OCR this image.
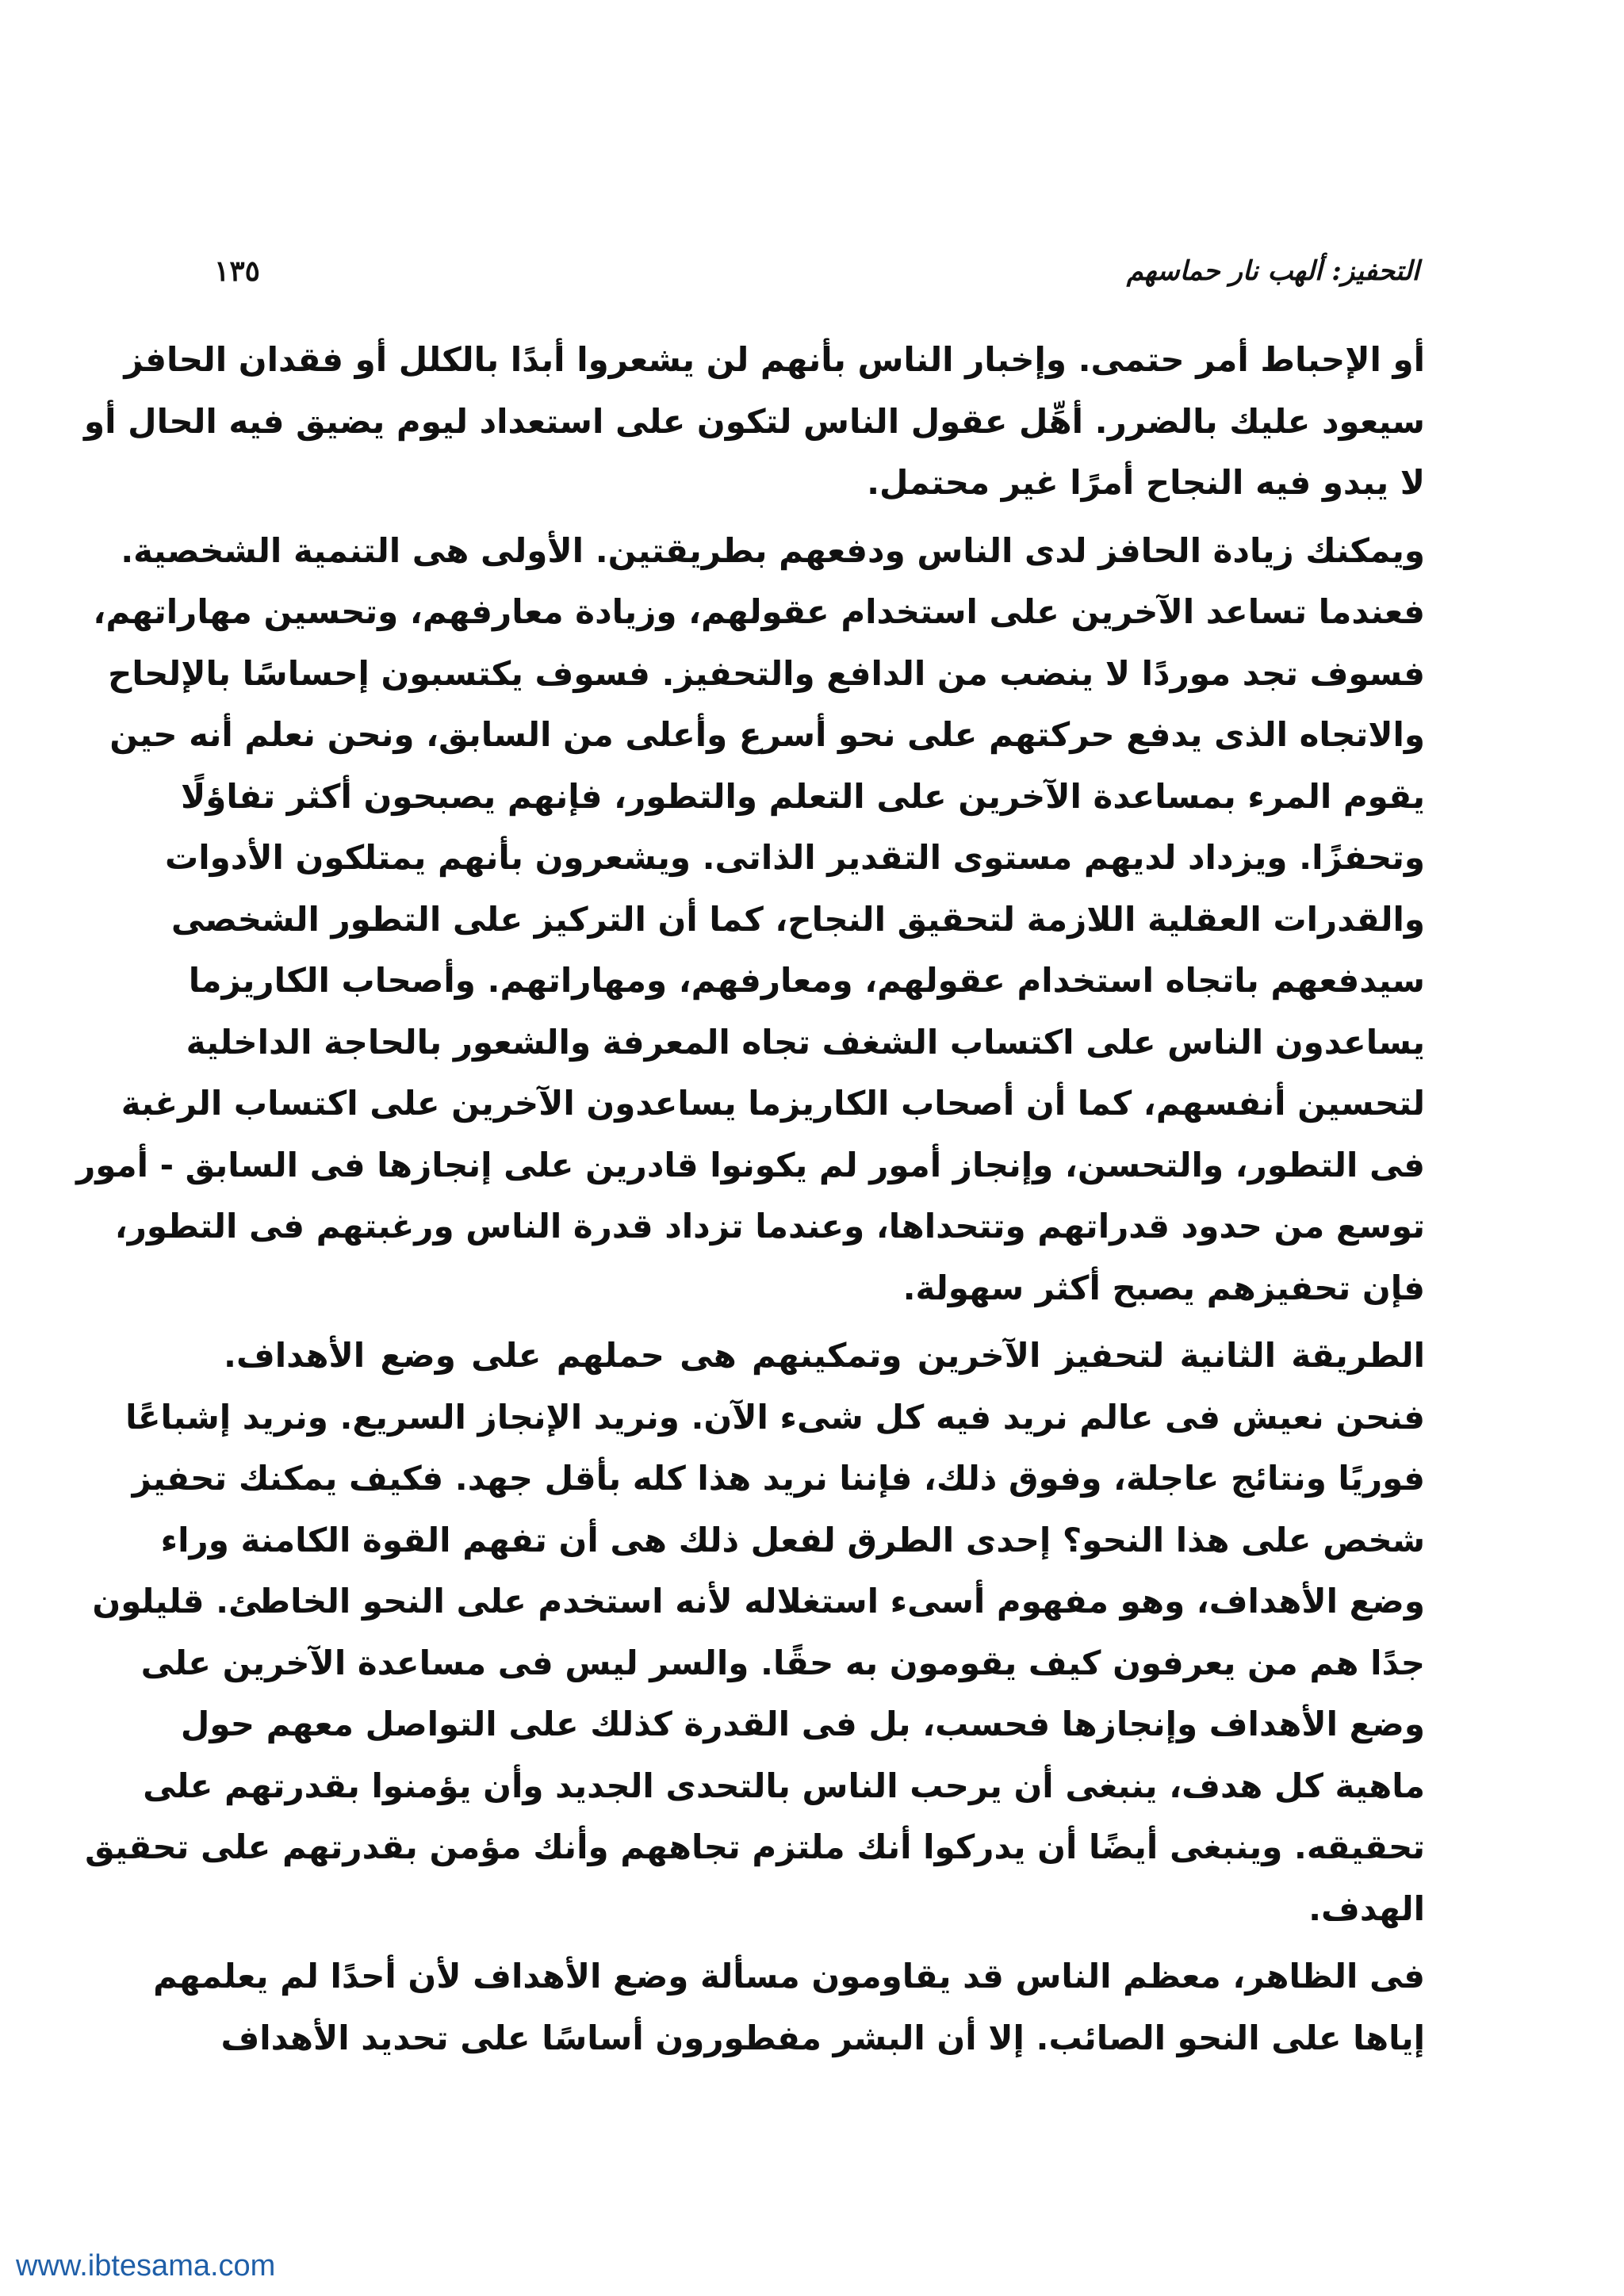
التحفيز: ألهب نار حماسهم
١٣٥

أو الإحباط أمر حتمى. وإخبار الناس بأنهم لن يشعروا أبدًا بالكلل أو فقدان الحافز
سيعود عليك بالضرر. أهِّل عقول الناس لتكون على استعداد ليوم يضيق فيه الحال أو
لا يبدو فيه النجاح أمرًا غير محتمل.

ويمكنك زيادة الحافز لدى الناس ودفعهم بطريقتين. الأولى هى التنمية الشخصية.
فعندما تساعد الآخرين على استخدام عقولهم، وزيادة معارفهم، وتحسين مهاراتهم،
فسوف تجد موردًا لا ينضب من الدافع والتحفيز. فسوف يكتسبون إحساسًا بالإلحاح
والاتجاه الذى يدفع حركتهم على نحو أسرع وأعلى من السابق، ونحن نعلم أنه حين
يقوم المرء بمساعدة الآخرين على التعلم والتطور، فإنهم يصبحون أكثر تفاؤلًا
وتحفزًا. ويزداد لديهم مستوى التقدير الذاتى. ويشعرون بأنهم يمتلكون الأدوات
والقدرات العقلية اللازمة لتحقيق النجاح، كما أن التركيز على التطور الشخصى
سيدفعهم باتجاه استخدام عقولهم، ومعارفهم، ومهاراتهم. وأصحاب الكاريزما
يساعدون الناس على اكتساب الشغف تجاه المعرفة والشعور بالحاجة الداخلية
لتحسين أنفسهم، كما أن أصحاب الكاريزما يساعدون الآخرين على اكتساب الرغبة
فى التطور، والتحسن، وإنجاز أمور لم يكونوا قادرين على إنجازها فى السابق - أمور
توسع من حدود قدراتهم وتتحداها، وعندما تزداد قدرة الناس ورغبتهم فى التطور،
فإن تحفيزهم يصبح أكثر سهولة.

الطريقة الثانية لتحفيز الآخرين وتمكينهم هى حملهم على وضع الأهداف.
فنحن نعيش فى عالم نريد فيه كل شىء الآن. ونريد الإنجاز السريع. ونريد إشباعًا
فوريًا ونتائج عاجلة، وفوق ذلك، فإننا نريد هذا كله بأقل جهد. فكيف يمكنك تحفيز
شخص على هذا النحو؟ إحدى الطرق لفعل ذلك هى أن تفهم القوة الكامنة وراء
وضع الأهداف، وهو مفهوم أسىء استغلاله لأنه استخدم على النحو الخاطئ. قليلون
جدًا هم من يعرفون كيف يقومون به حقًا. والسر ليس فى مساعدة الآخرين على
وضع الأهداف وإنجازها فحسب، بل فى القدرة كذلك على التواصل معهم حول
ماهية كل هدف، ينبغى أن يرحب الناس بالتحدى الجديد وأن يؤمنوا بقدرتهم على
تحقيقه. وينبغى أيضًا أن يدركوا أنك ملتزم تجاههم وأنك مؤمن بقدرتهم على تحقيق
الهدف.

فى الظاهر، معظم الناس قد يقاومون مسألة وضع الأهداف لأن أحدًا لم يعلمهم
إياها على النحو الصائب. إلا أن البشر مفطورون أساسًا على تحديد الأهداف

www.ibtesama.com
